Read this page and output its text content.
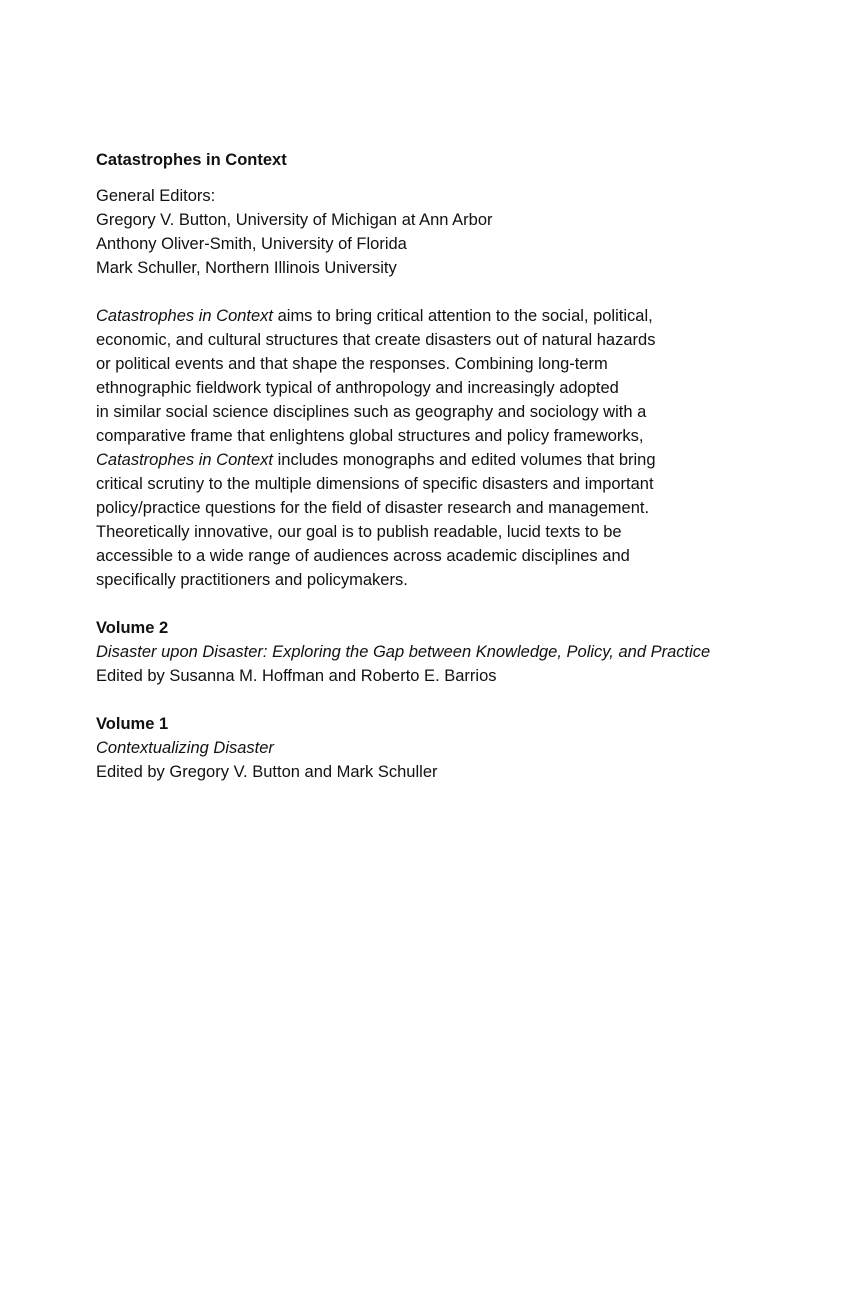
Catastrophes in Context
General Editors:
Gregory V. Button, University of Michigan at Ann Arbor
Anthony Oliver-Smith, University of Florida
Mark Schuller, Northern Illinois University
Catastrophes in Context aims to bring critical attention to the social, political,
economic, and cultural structures that create disasters out of natural hazards
or political events and that shape the responses. Combining long-term
ethnographic fieldwork typical of anthropology and increasingly adopted
in similar social science disciplines such as geography and sociology with a
comparative frame that enlightens global structures and policy frameworks,
Catastrophes in Context includes monographs and edited volumes that bring
critical scrutiny to the multiple dimensions of specific disasters and important
policy/practice questions for the field of disaster research and management.
Theoretically innovative, our goal is to publish readable, lucid texts to be
accessible to a wide range of audiences across academic disciplines and
specifically practitioners and policymakers.
Volume 2
Disaster upon Disaster: Exploring the Gap between Knowledge, Policy, and Practice
Edited by Susanna M. Hoffman and Roberto E. Barrios
Volume 1
Contextualizing Disaster
Edited by Gregory V. Button and Mark Schuller
